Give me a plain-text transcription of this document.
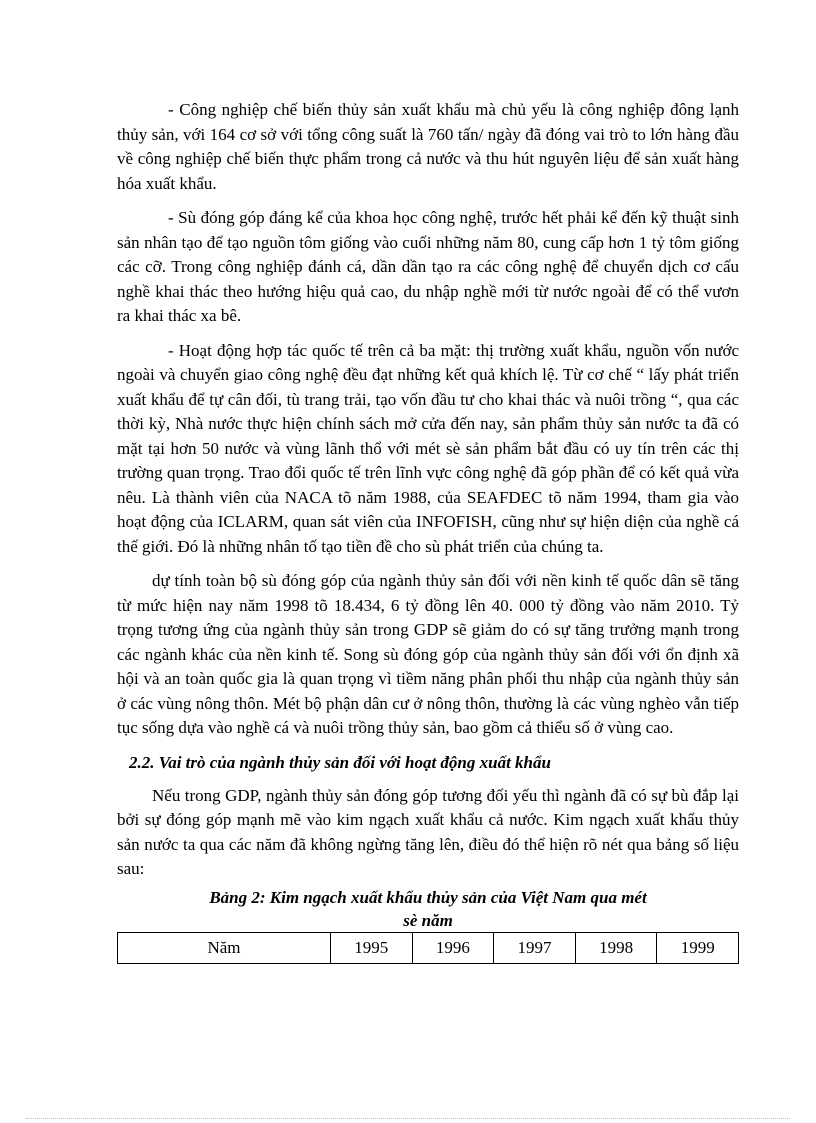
- Công nghiệp chế biến thủy sản xuất khẩu mà chủ yếu là công nghiệp đông lạnh thủy sản, với 164 cơ sở với tổng công suất là 760 tấn/ ngày đã đóng vai trò to lớn hàng đầu về công nghiệp chế biến thực phẩm trong cả nước và thu hút nguyên liệu để sản xuất hàng hóa xuất khẩu.

- Sù đóng góp đáng kể của khoa học công nghệ, trước hết phải kể đến kỹ thuật sinh sản nhân tạo để tạo nguồn tôm giống vào cuối những năm 80, cung cấp hơn 1 tỷ tôm giống các cỡ. Trong công nghiệp đánh cá, dần dần tạo ra các công nghệ để chuyển dịch cơ cấu nghề khai thác theo hướng hiệu quả cao, du nhập nghề mới từ nước ngoài để có thể vươn ra khai thác xa bê.

- Hoạt động hợp tác quốc tế trên cả ba mặt: thị trường xuất khẩu, nguồn vốn nước ngoài và chuyển giao công nghệ đều đạt những kết quả khích lệ. Từ cơ chế “ lấy phát triển xuất khẩu để tự cân đối, tù trang trải, tạo vốn đầu tư cho khai thác và nuôi trồng “, qua các thời kỳ, Nhà nước thực hiện chính sách mở cửa đến nay, sản phẩm thủy sản nước ta đã có mặt tại hơn 50 nước và vùng lãnh thổ với mét sè sản phẩm bắt đầu có uy tín trên các thị trường quan trọng. Trao đổi quốc tế trên lĩnh vực công nghệ đã góp phần để có kết quả vừa nêu. Là thành viên của NACA tõ năm 1988, của SEAFDEC tõ năm 1994, tham gia vào hoạt động của ICLARM, quan sát viên của INFOFISH, cũng như sự hiện diện của nghề cá thế giới. Đó là những nhân tố tạo tiền đề cho sù phát triển của chúng ta.

dự tính toàn bộ sù đóng góp của ngành thủy sản đối với nền kinh tế quốc dân sẽ tăng từ mức hiện nay năm 1998 tõ 18.434, 6 tỷ đồng lên 40. 000 tỷ đồng vào năm 2010. Tỷ trọng tương ứng của ngành thủy sản trong GDP sẽ giảm do có sự tăng trưởng mạnh trong các ngành khác của nền kinh tế. Song sù đóng góp của ngành thủy sản đối với ổn định xã hội và an toàn quốc gia là quan trọng vì tiềm năng phân phối thu nhập của ngành thủy sản ở các vùng nông thôn. Mét bộ phận dân cư ở nông thôn, thường là các vùng nghèo vẫn tiếp tục sống dựa vào nghề cá và nuôi trồng thủy sản, bao gồm cả thiểu số ở vùng cao.

2.2. Vai trò của ngành thủy sản đối với hoạt động xuất khẩu

Nếu trong GDP, ngành thủy sản đóng góp tương đối yếu thì ngành đã có sự bù đắp lại bởi sự đóng góp mạnh mẽ vào kim ngạch xuất khẩu cả nước. Kim ngạch xuất khẩu thủy sản nước ta qua các năm đã không ngừng tăng lên, điều đó thể hiện rõ nét qua bảng số liệu sau:

Bảng 2: Kim ngạch xuất khẩu thủy sản của Việt Nam qua mét sè năm
Năm	1995	1996	1997	1998	1999
